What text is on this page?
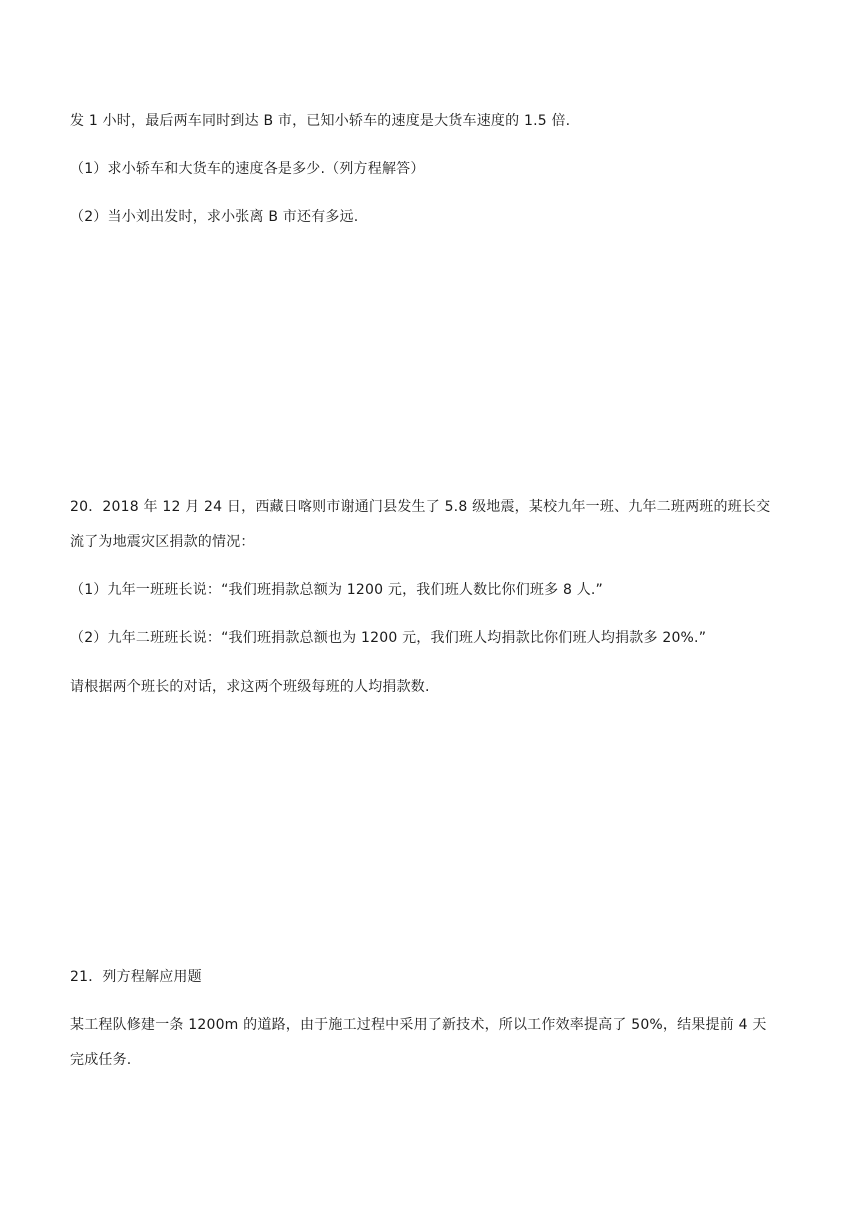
发 1 小时，最后两车同时到达 B 市，已知小轿车的速度是大货车速度的 1.5 倍.
（1）求小轿车和大货车的速度各是多少.（列方程解答）
（2）当小刘出发时，求小张离 B 市还有多远.
20．2018 年 12 月 24 日，西藏日喀则市谢通门县发生了 5.8 级地震，某校九年一班、九年二班两班的班长交
流了为地震灾区捐款的情况：
（1）九年一班班长说：“我们班捐款总额为 1200 元，我们班人数比你们班多 8 人.”
（2）九年二班班长说：“我们班捐款总额也为 1200 元，我们班人均捐款比你们班人均捐款多 20%.”
请根据两个班长的对话，求这两个班级每班的人均捐款数.
21．列方程解应用题
某工程队修建一条 1200m 的道路，由于施工过程中采用了新技术，所以工作效率提高了 50%，结果提前 4 天
完成任务.
